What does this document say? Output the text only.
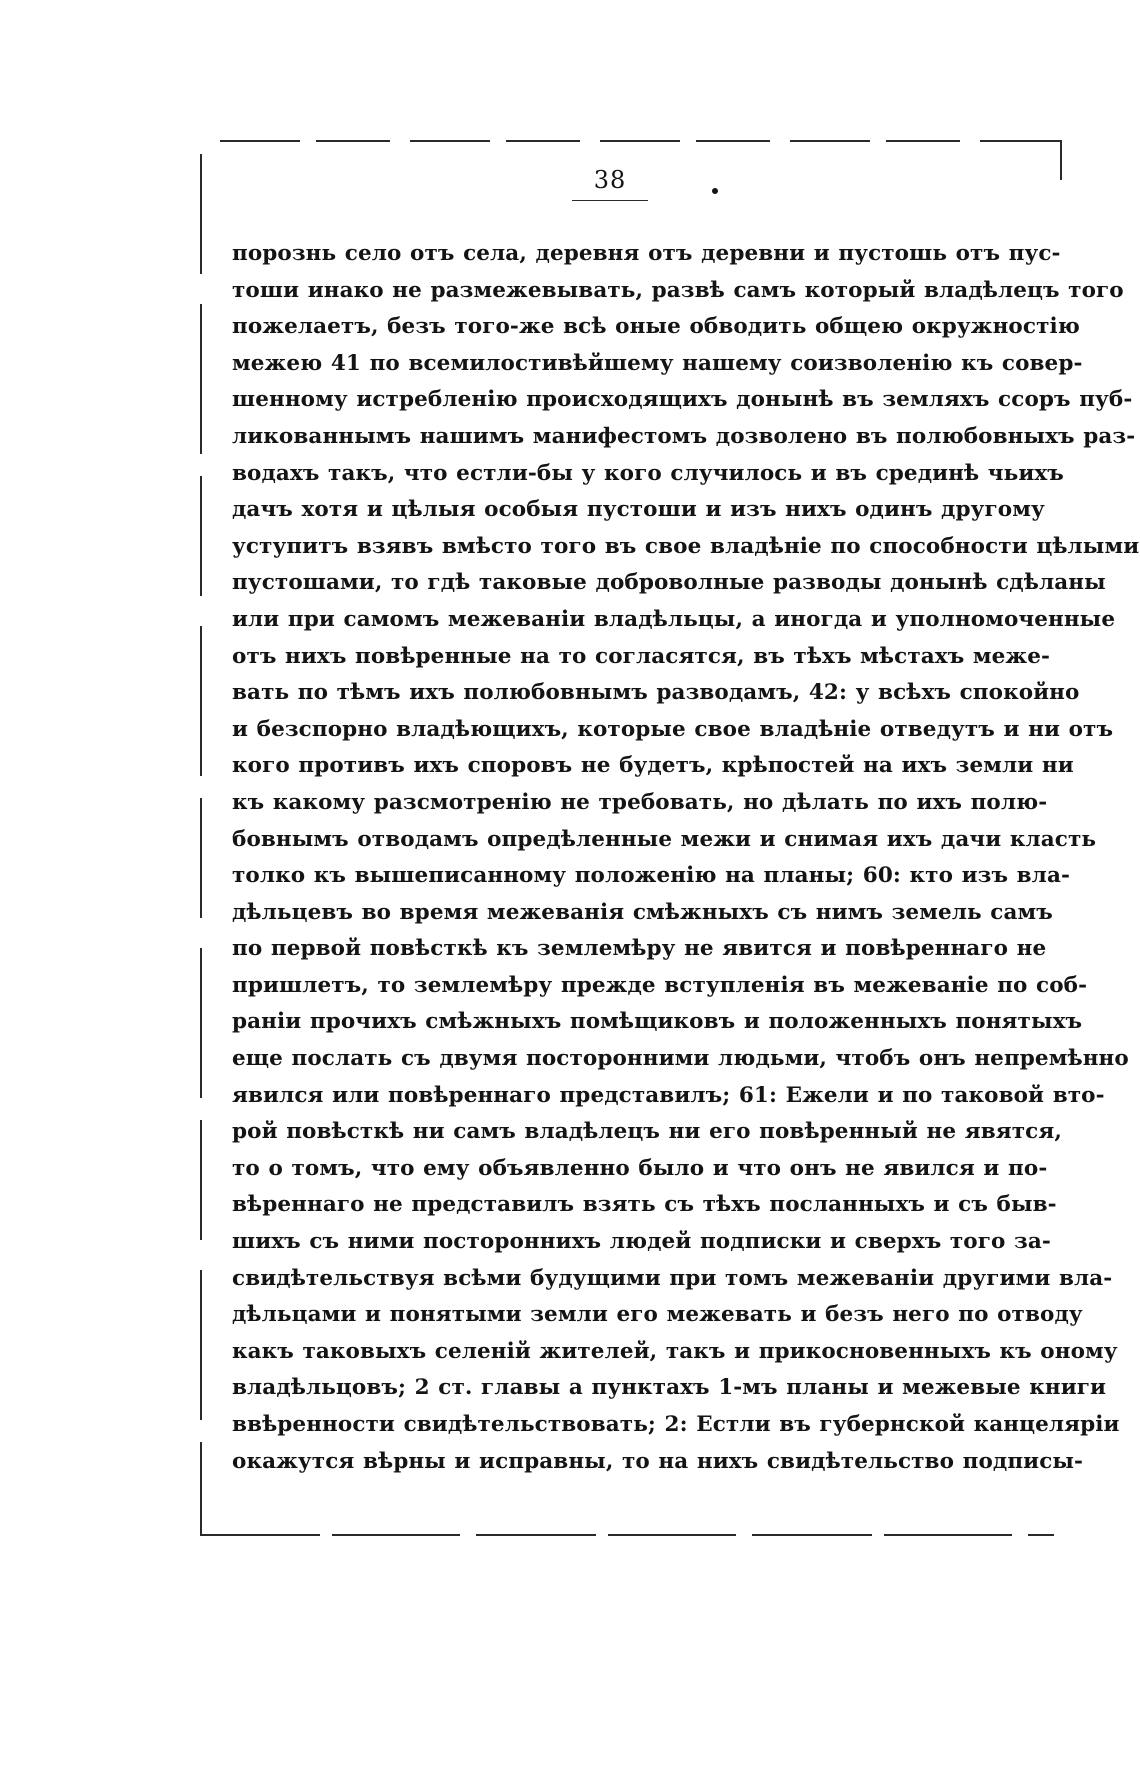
38
порознь село отъ села, деревня отъ деревни и пустошь отъ пус-
тоши инако не размежевывать, развѣ самъ который владѣлецъ того
пожелаетъ, безъ того-же всѣ оные обводить общею окружностію
межею 41 по всемилостивѣйшему нашему соизволенію къ совер-
шенному истребленію происходящихъ донынѣ въ земляхъ ссоръ пуб-
ликованнымъ нашимъ манифестомъ дозволено въ полюбовныхъ раз-
водахъ такъ, что естли-бы у кого случилось и въ срединѣ чьихъ
дачъ хотя и цѣлыя особыя пустоши и изъ нихъ одинъ другому
уступитъ взявъ вмѣсто того въ свое владѣніе по способности цѣлыми
пустошами, то гдѣ таковые доброволные разводы донынѣ сдѣланы
или при самомъ межеваніи владѣльцы, а иногда и уполномоченные
отъ нихъ повѣренные на то согласятся, въ тѣхъ мѣстахъ меже-
вать по тѣмъ ихъ полюбовнымъ разводамъ, 42: у всѣхъ спокойно
и безспорно владѣющихъ, которые свое владѣніе отведутъ и ни отъ
кого противъ ихъ споровъ не будетъ, крѣпостей на ихъ земли ни
къ какому разсмотренію не требовать, но дѣлать по ихъ полю-
бовнымъ отводамъ опредѣленные межи и снимая ихъ дачи класть
толко къ вышеписанному положенію на планы; 60: кто изъ вла-
дѣльцевъ во время межеванія смѣжныхъ съ нимъ земель самъ
по первой повѣсткѣ къ землемѣру не явится и повѣреннаго не
пришлетъ, то землемѣру прежде вступленія въ межеваніе по соб-
раніи прочихъ смѣжныхъ помѣщиковъ и положенныхъ понятыхъ
еще послать съ двумя посторонними людьми, чтобъ онъ непремѣнно
явился или повѣреннаго представилъ; 61: Ежели и по таковой вто-
рой повѣсткѣ ни самъ владѣлецъ ни его повѣренный не явятся,
то о томъ, что ему объявленно было и что онъ не явился и по-
вѣреннаго не представилъ взять съ тѣхъ посланныхъ и съ быв-
шихъ съ ними постороннихъ людей подписки и сверхъ того за-
свидѣтельствуя всѣми будущими при томъ межеваніи другими вла-
дѣльцами и понятыми земли его межевать и безъ него по отводу
какъ таковыхъ селеній жителей, такъ и прикосновенныхъ къ оному
владѣльцовъ; 2 ст. главы а пунктахъ 1-мъ планы и межевые книги
ввѣренности свидѣтельствовать; 2: Естли въ губернской канцеляріи
окажутся вѣрны и исправны, то на нихъ свидѣтельство подписы-
